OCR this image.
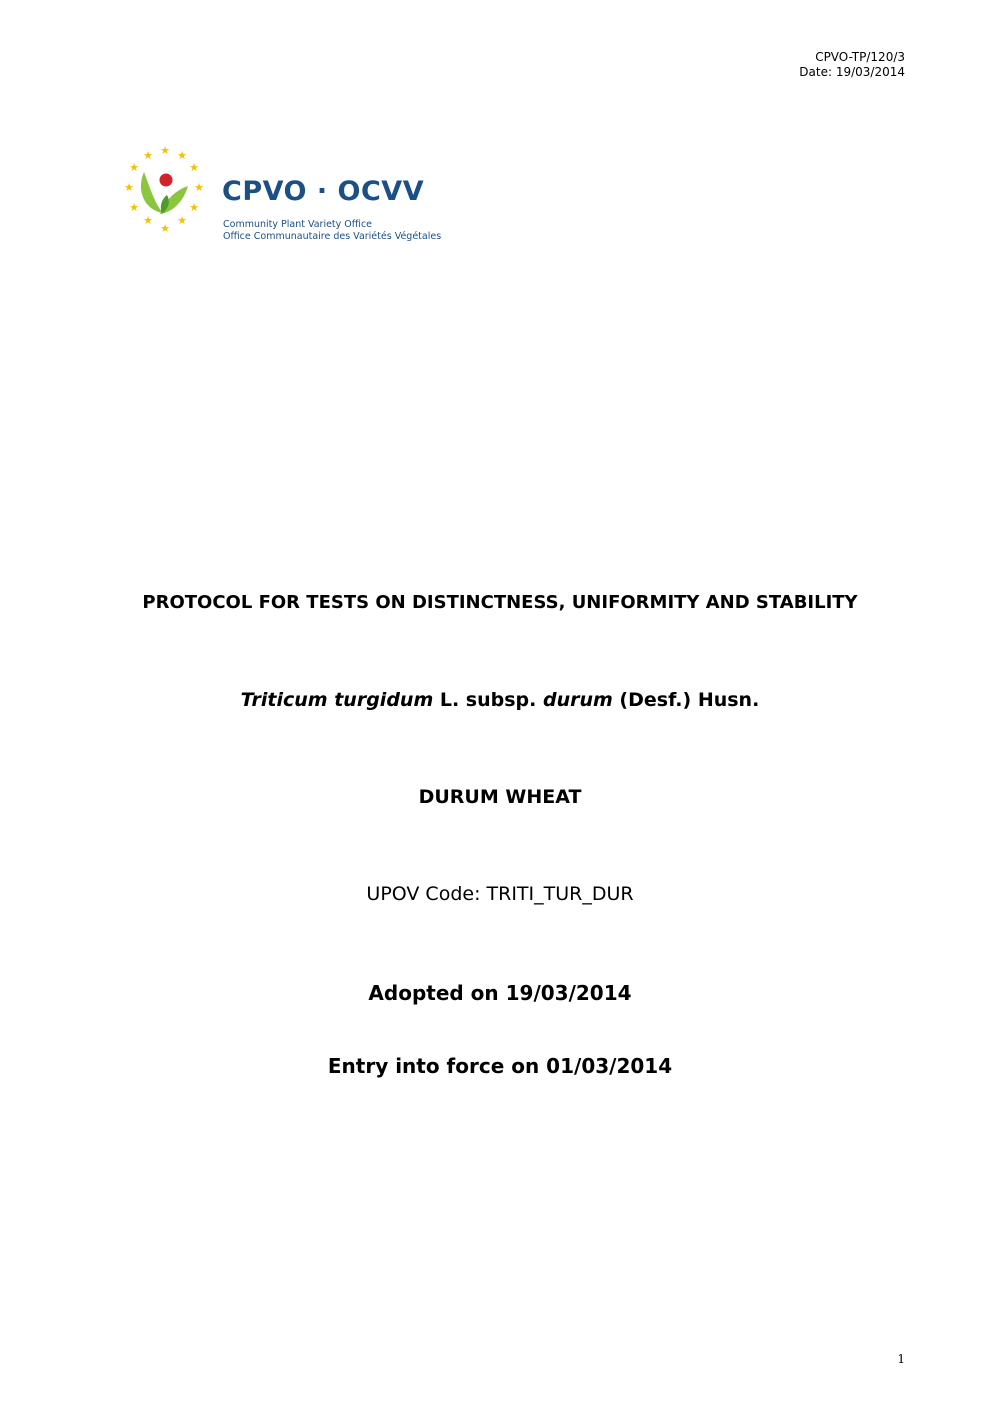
CPVO-TP/120/3
Date: 19/03/2014
★ ★
★
★
★
★
★
★
★
★
★
★
CPVO · OCVV
Community Plant Variety Office
Office Communautaire des Variétés Végétales
PROTOCOL FOR TESTS ON DISTINCTNESS, UNIFORMITY AND STABILITY
Triticum turgidum L. subsp. durum (Desf.) Husn.
DURUM WHEAT
UPOV Code: TRITI_TUR_DUR
Adopted on 19/03/2014
Entry into force on 01/03/2014
1
